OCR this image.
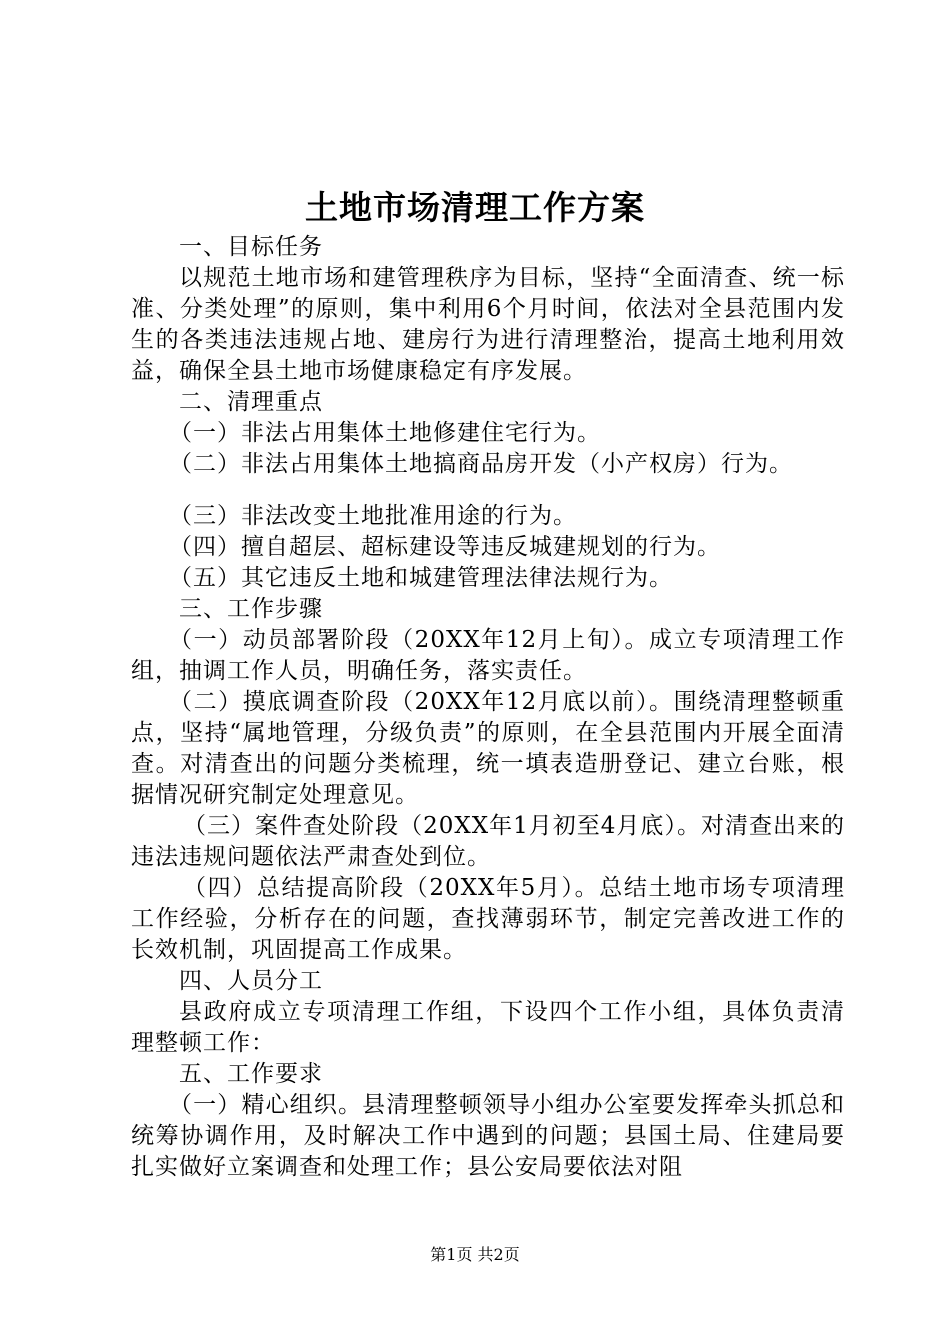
土地市场清理工作方案

一、目标任务

以规范土地市场和建管理秩序为目标，坚持“全面清查、统一标准、分类处理”的原则，集中利用6个月时间，依法对全县范围内发生的各类违法违规占地、建房行为进行清理整治，提高土地利用效益，确保全县土地市场健康稳定有序发展。

二、清理重点

（一）非法占用集体土地修建住宅行为。

（二）非法占用集体土地搞商品房开发（小产权房）行为。

（三）非法改变土地批准用途的行为。

（四）擅自超层、超标建设等违反城建规划的行为。

（五）其它违反土地和城建管理法律法规行为。

三、工作步骤

（一）动员部署阶段（20XX年12月上旬）。成立专项清理工作组，抽调工作人员，明确任务，落实责任。

（二）摸底调查阶段（20XX年12月底以前）。围绕清理整顿重点，坚持“属地管理，分级负责”的原则，在全县范围内开展全面清查。对清查出的问题分类梳理，统一填表造册登记、建立台账，根据情况研究制定处理意见。

（三）案件查处阶段（20XX年1月初至4月底）。对清查出来的违法违规问题依法严肃查处到位。

（四）总结提高阶段（20XX年5月）。总结土地市场专项清理工作经验，分析存在的问题，查找薄弱环节，制定完善改进工作的长效机制，巩固提高工作成果。

四、人员分工

县政府成立专项清理工作组，下设四个工作小组，具体负责清理整顿工作：

五、工作要求

（一）精心组织。县清理整顿领导小组办公室要发挥牵头抓总和统筹协调作用，及时解决工作中遇到的问题；县国土局、住建局要扎实做好立案调查和处理工作；县公安局要依法对阻

第1页 共2页
